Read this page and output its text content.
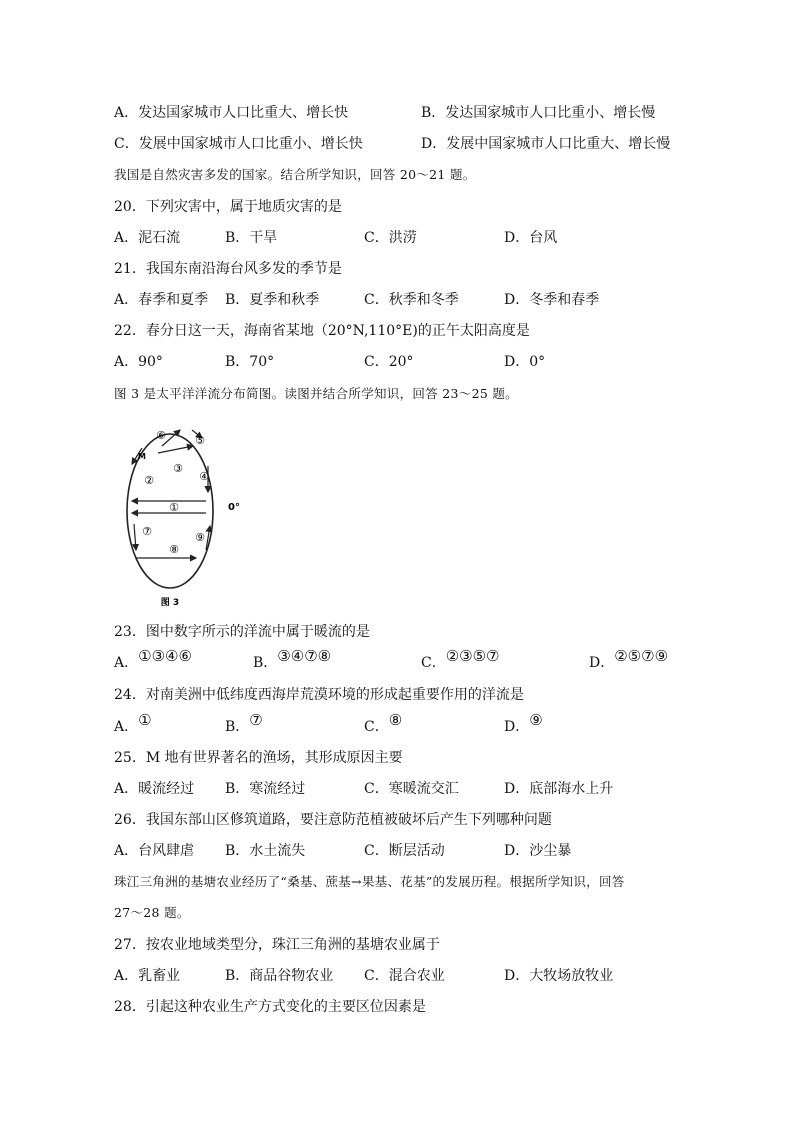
A．发达国家城市人口比重大、增长快	B．发达国家城市人口比重小、增长慢
C．发展中国家城市人口比重小、增长快	D．发展中国家城市人口比重大、增长慢
我国是自然灾害多发的国家。结合所学知识，回答 20～21 题。
20．下列灾害中，属于地质灾害的是
A．泥石流	B．干旱	C．洪涝	D．台风
21．我国东南沿海台风多发的季节是
A．春季和夏季 B．夏季和秋季	C．秋季和冬季	D．冬季和春季
22．春分日这一天，海南省某地（20°N,110°E)的正午太阳高度是
A．90°	B．70°	C．20°	D．0°
图 3 是太平洋洋流分布简图。读图并结合所学知识，回答 23～25 题。
①
②
③
④
⑤
⑥
⑦
⑧
⑨
M
0°
图 3
23．图中数字所示的洋流中属于暖流的是
A．①③④⑥	B．③④⑦⑧	C．②③⑤⑦	D．②⑤⑦⑨
24．对南美洲中低纬度西海岸荒漠环境的形成起重要作用的洋流是
A．①	B．⑦	C．⑧	D．⑨
25．M 地有世界著名的渔场，其形成原因主要
A．暖流经过 B．寒流经过	C．寒暖流交汇	D．底部海水上升
26．我国东部山区修筑道路，要注意防范植被破坏后产生下列哪种问题
A．台风肆虐 B．水土流失	C．断层活动	D．沙尘暴
珠江三角洲的基塘农业经历了“桑基、蔗基→果基、花基”的发展历程。根据所学知识，回答
27～28 题。
27．按农业地域类型分，珠江三角洲的基塘农业属于
A．乳畜业	B．商品谷物农业 C．混合农业	D．大牧场放牧业
28．引起这种农业生产方式变化的主要区位因素是
